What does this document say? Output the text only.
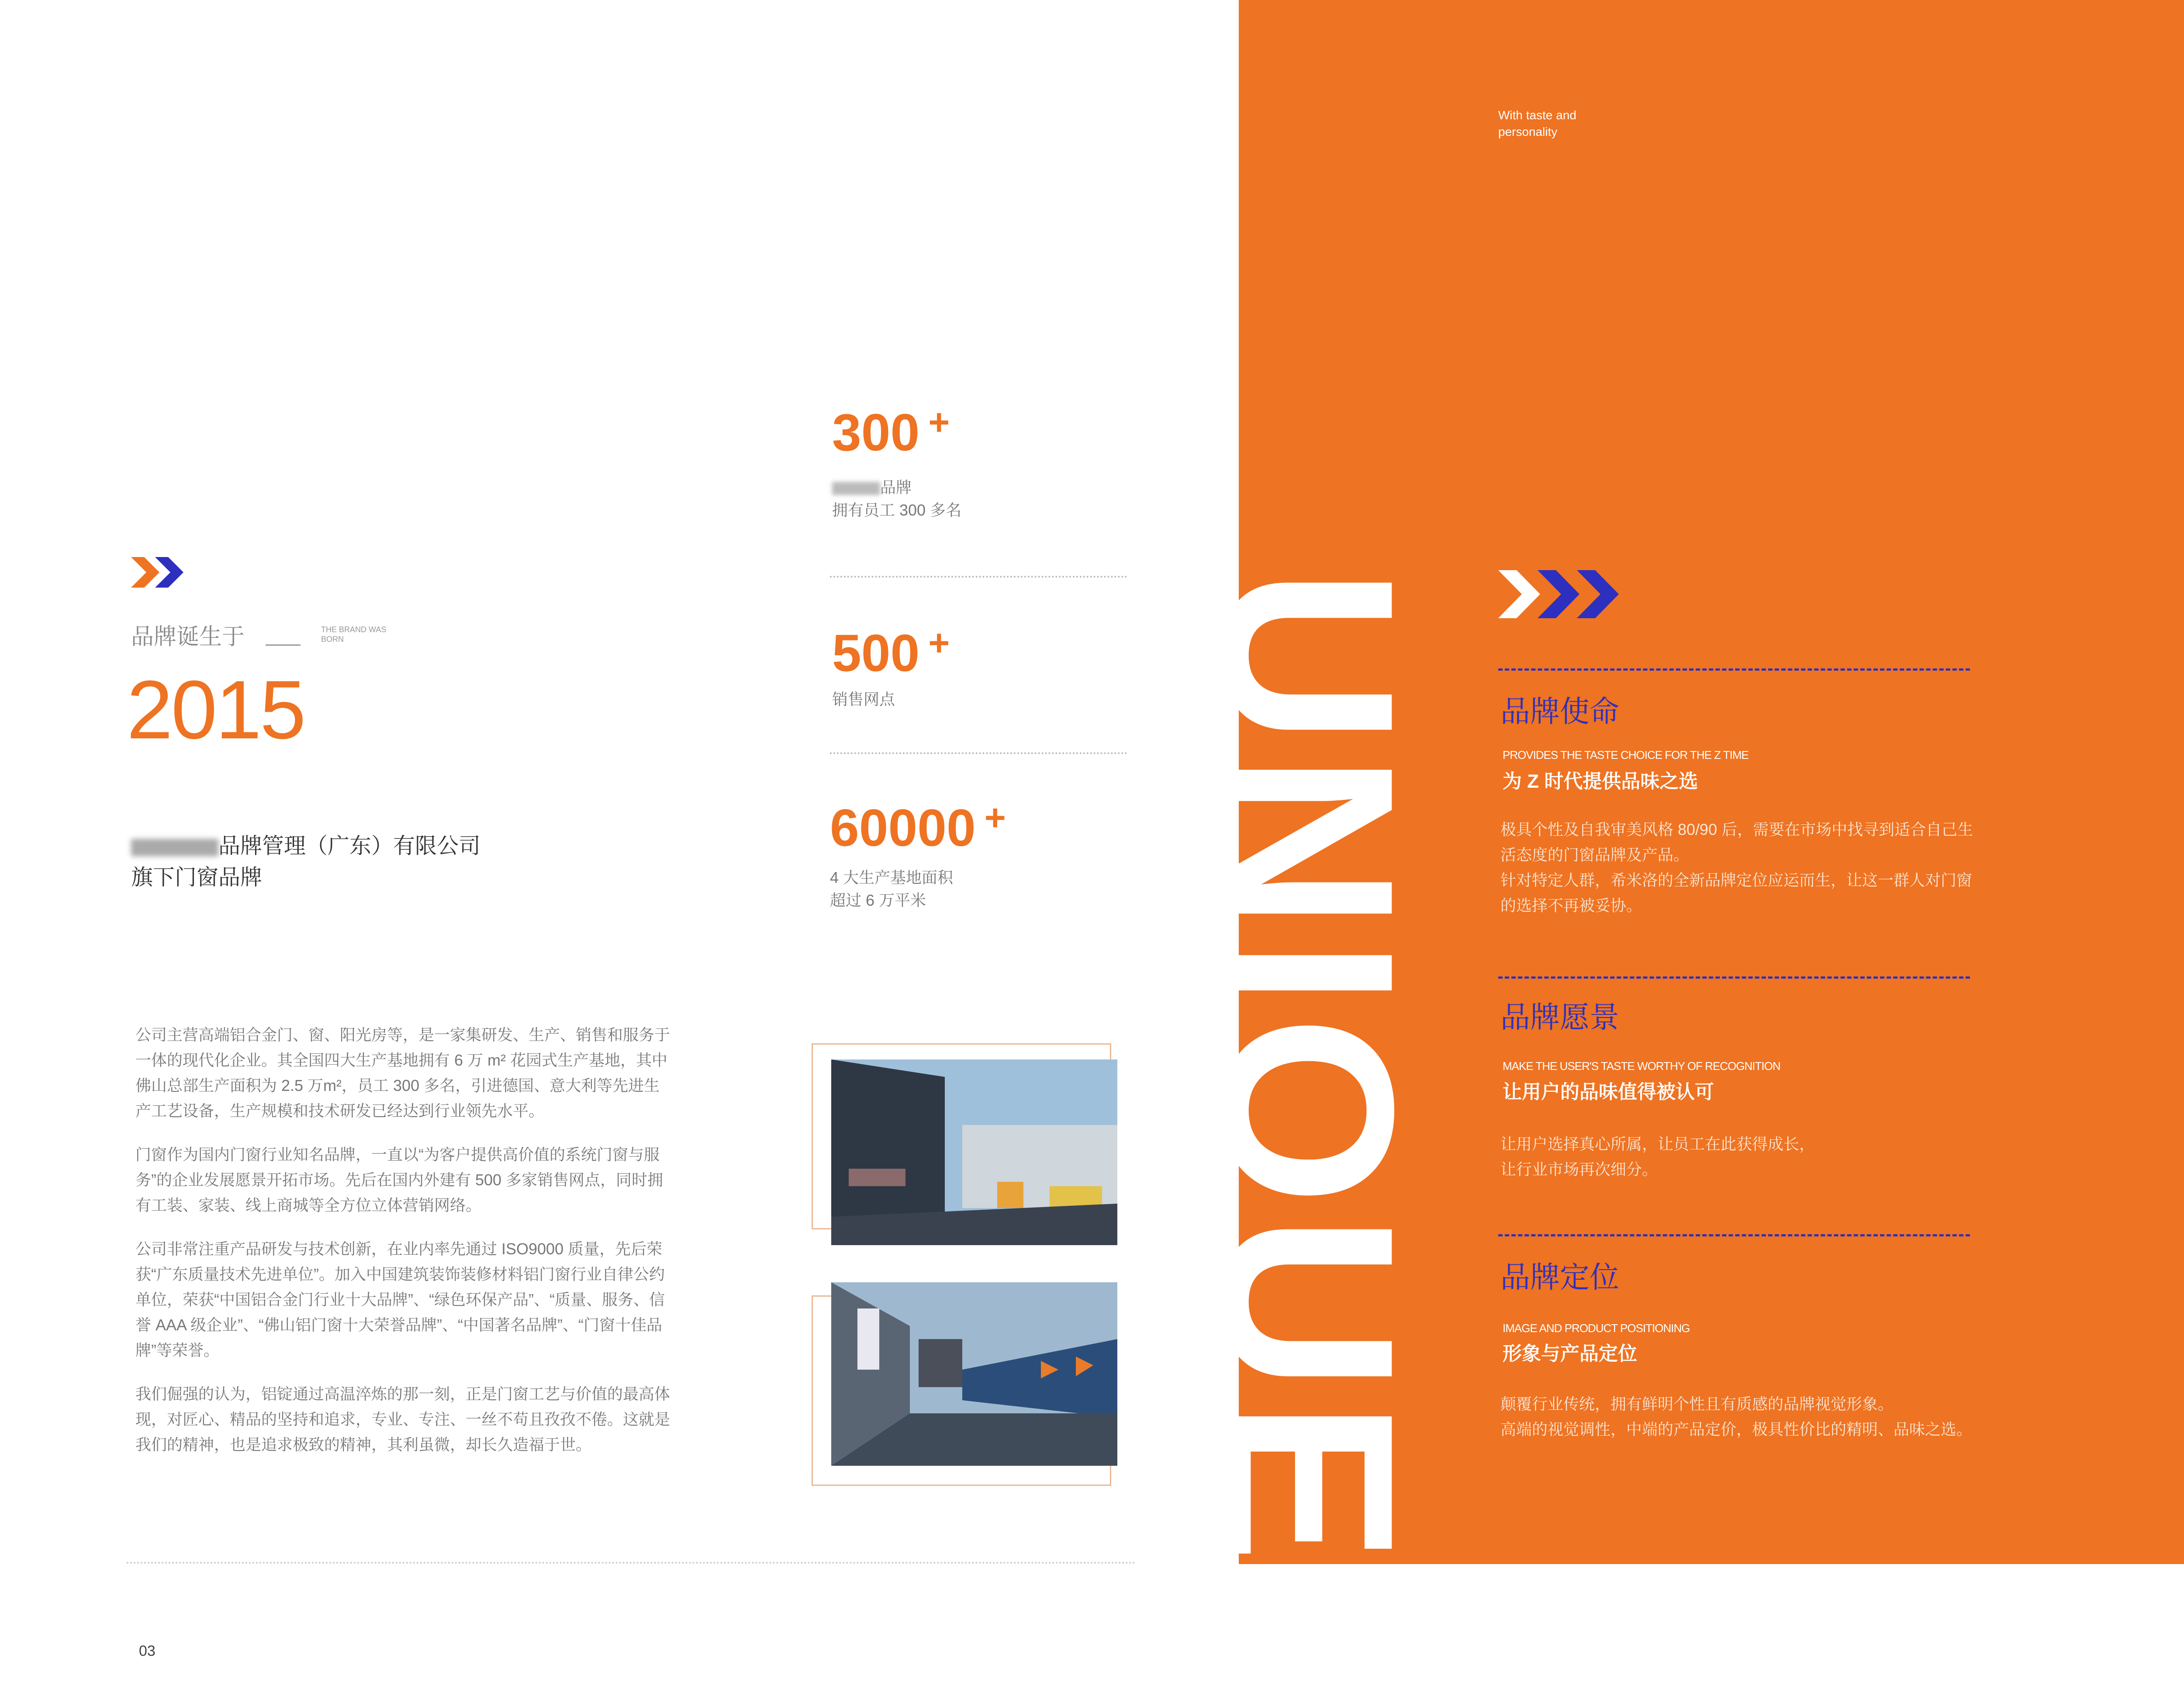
品牌诞生于	THE BRAND WAS BORN
2015
品牌管理（广东）有限公司
旗下门窗品牌

公司主营高端铝合金门、窗、阳光房等，是一家集研发、生产、销售和服务于一体的现代化企业。其全国四大生产基地拥有 6 万 m² 花园式生产基地，其中佛山总部生产面积为 2.5 万m²，员工 300 多名，引进德国、意大利等先进生产工艺设备，生产规模和技术研发已经达到行业领先水平。

门窗作为国内门窗行业知名品牌，一直以“为客户提供高价值的系统门窗与服务”的企业发展愿景开拓市场。先后在国内外建有 500 多家销售网点，同时拥有工装、家装、线上商城等全方位立体营销网络。

公司非常注重产品研发与技术创新，在业内率先通过 ISO9000 质量，先后荣获“广东质量技术先进单位”。加入中国建筑装饰装修材料铝门窗行业自律公约单位，荣获“中国铝合金门行业十大品牌”、“绿色环保产品”、“质量、服务、信誉 AAA 级企业”、“佛山铝门窗十大荣誉品牌”、“中国著名品牌”、“门窗十佳品牌”等荣誉。

我们倔强的认为，铝锭通过高温淬炼的那一刻，正是门窗工艺与价值的最高体现，对匠心、精品的坚持和追求，专业、专注、一丝不苟且孜孜不倦。这就是我们的精神，也是追求极致的精神，其利虽微，却长久造福于世。

300 +
品牌
拥有员工 300 多名
500 +
销售网点
60000 +
4 大生产基地面积
超过 6 万平米
03
With taste and personality
UNIQUE 品牌使命
PROVIDES THE TASTE CHOICE FOR THE Z TIME
为 Z 时代提供品味之选
极具个性及自我审美风格 80/90 后，需要在市场中找寻到适合自己生活态度的门窗品牌及产品。
针对特定人群，希米洛的全新品牌定位应运而生，让这一群人对门窗的选择不再被妥协。
品牌愿景
MAKE THE USER'S TASTE WORTHY OF RECOGNITION
让用户的品味值得被认可
让用户选择真心所属，让员工在此获得成长，
让行业市场再次细分。
品牌定位
IMAGE AND PRODUCT POSITIONING
形象与产品定位
颠覆行业传统，拥有鲜明个性且有质感的品牌视觉形象。
高端的视觉调性，中端的产品定价，极具性价比的精明、品味之选。
